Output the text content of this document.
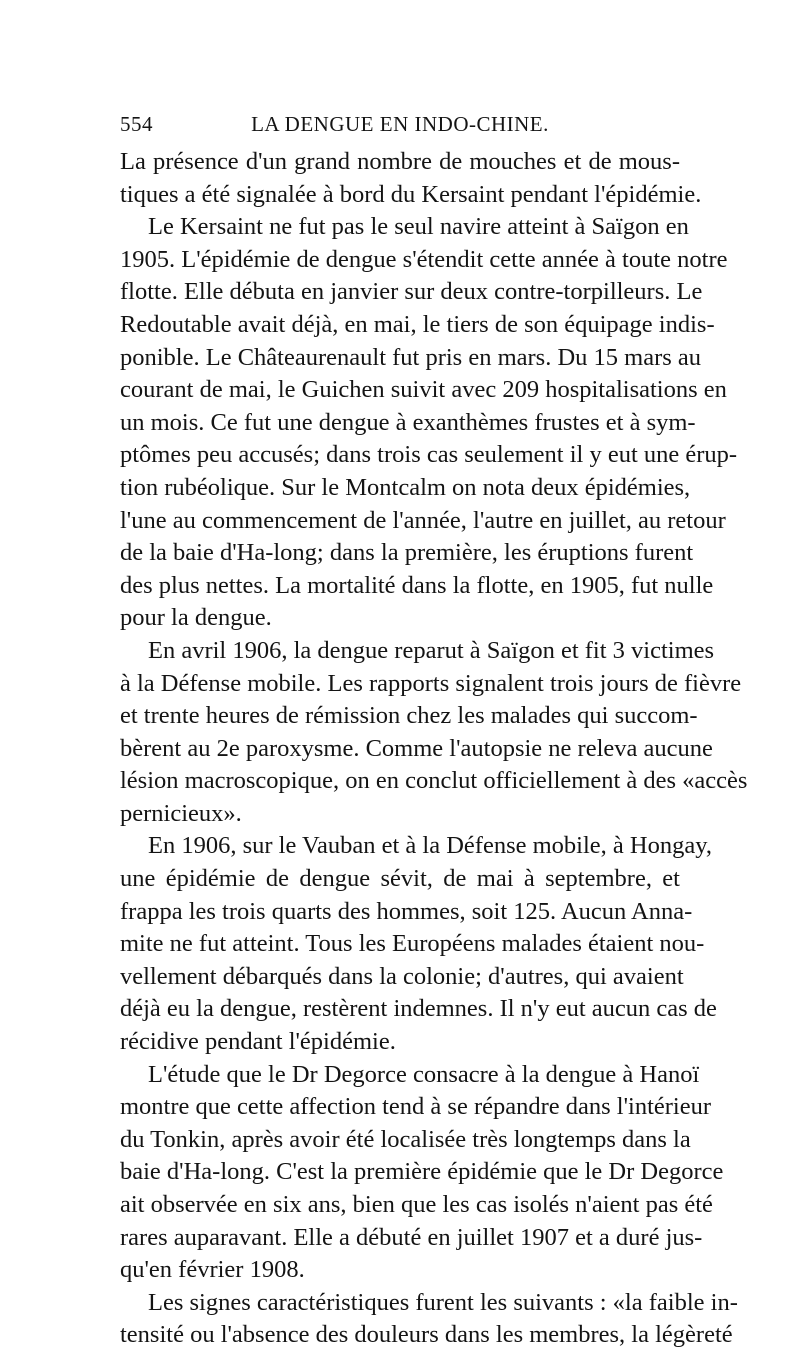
554	LA DENGUE EN INDO-CHINE.
La présence d'un grand nombre de mouches et de mous-
tiques a été signalée à bord du Kersaint pendant l'épidémie.
Le Kersaint ne fut pas le seul navire atteint à Saïgon en
1905. L'épidémie de dengue s'étendit cette année à toute notre
flotte. Elle débuta en janvier sur deux contre-torpilleurs. Le
Redoutable avait déjà, en mai, le tiers de son équipage indis-
ponible. Le Châteaurenault fut pris en mars. Du 15 mars au
courant de mai, le Guichen suivit avec 209 hospitalisations en
un mois. Ce fut une dengue à exanthèmes frustes et à sym-
ptômes peu accusés; dans trois cas seulement il y eut une érup-
tion rubéolique. Sur le Montcalm on nota deux épidémies,
l'une au commencement de l'année, l'autre en juillet, au retour
de la baie d'Ha-long; dans la première, les éruptions furent
des plus nettes. La mortalité dans la flotte, en 1905, fut nulle
pour la dengue.
En avril 1906, la dengue reparut à Saïgon et fit 3 victimes
à la Défense mobile. Les rapports signalent trois jours de fièvre
et trente heures de rémission chez les malades qui succom-
bèrent au 2e paroxysme. Comme l'autopsie ne releva aucune
lésion macroscopique, on en conclut officiellement à des «accès
pernicieux».
En 1906, sur le Vauban et à la Défense mobile, à Hongay,
une épidémie de dengue sévit, de mai à septembre, et
frappa les trois quarts des hommes, soit 125. Aucun Anna-
mite ne fut atteint. Tous les Européens malades étaient nou-
vellement débarqués dans la colonie; d'autres, qui avaient
déjà eu la dengue, restèrent indemnes. Il n'y eut aucun cas de
récidive pendant l'épidémie.
L'étude que le Dr Degorce consacre à la dengue à Hanoï
montre que cette affection tend à se répandre dans l'intérieur
du Tonkin, après avoir été localisée très longtemps dans la
baie d'Ha-long. C'est la première épidémie que le Dr Degorce
ait observée en six ans, bien que les cas isolés n'aient pas été
rares auparavant. Elle a débuté en juillet 1907 et a duré jus-
qu'en février 1908.
Les signes caractéristiques furent les suivants : «la faible in-
tensité ou l'absence des douleurs dans les membres, la légèreté
